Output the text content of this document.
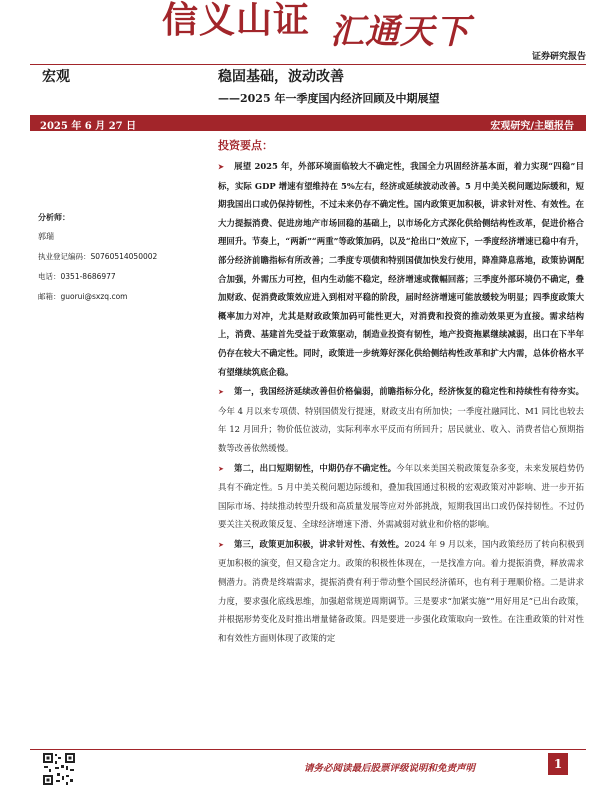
信义山证 汇通天下
证券研究报告
宏观	稳固基础，波动改善
——2025 年一季度国内经济回顾及中期展望
2025 年 6 月 27 日	宏观研究/主题报告
分析师：
郭瑞
执业登记编码：S0760514050002
电话：0351-8686977
邮箱：guorui@sxzq.com
投资要点：

➤ 展望 2025 年，外部环境面临较大不确定性，我国全力巩固经济基本面，着力实现“四稳”目标，实际 GDP 增速有望维持在 5%左右，经济或延续波动改善。5 月中美关税问题边际缓和，短期我国出口或仍保持韧性，不过未来仍存不确定性。国内政策更加积极，讲求针对性、有效性。在大力提振消费、促进房地产市场回稳的基础上，以市场化方式深化供给侧结构性改革，促进价格合理回升。节奏上，“两新”“两重”等政策加码，以及“抢出口”效应下，一季度经济增速已稳中有升，部分经济前瞻指标有所改善；二季度专项债和特别国债加快发行使用，降准降息落地，政策协调配合加强，外需压力可控，但内生动能不稳定，经济增速或微幅回落；三季度外部环境仍不确定，叠加财政、促消费政策效应进入到相对平稳的阶段，届时经济增速可能放缓较为明显；四季度政策大概率加力对冲，尤其是财政政策加码可能性更大，对消费和投资的推动效果更为直接。需求结构上，消费、基建首先受益于政策驱动，制造业投资有韧性，地产投资拖累继续减弱，出口在下半年仍存在较大不确定性。同时，政策进一步统筹好深化供给侧结构性改革和扩大内需，总体价格水平有望继续筑底企稳。

➤ 第一，我国经济延续改善但价格偏弱，前瞻指标分化，经济恢复的稳定性和持续性有待夯实。今年 4 月以来专项债、特别国债发行提速，财政支出有所加快；一季度社融同比、M1 同比也较去年 12 月回升；物价低位波动，实际利率水平反而有所回升；居民就业、收入、消费者信心预期指数等改善依然缓慢。

➤ 第二，出口短期韧性，中期仍存不确定性。今年以来美国关税政策复杂多变，未来发展趋势仍具有不确定性。5 月中美关税问题边际缓和，叠加我国通过积极的宏观政策对冲影响、进一步开拓国际市场、持续推动转型升级和高质量发展等应对外部挑战，短期我国出口或仍保持韧性。不过仍要关注关税政策反复、全球经济增速下滑、外需减弱对就业和价格的影响。

➤ 第三，政策更加积极，讲求针对性、有效性。2024 年 9 月以来，国内政策经历了转向积极到更加积极的演变，但又稳含定力。政策的积极性体现在，一是找准方向。着力提振消费，释放需求侧潜力。消费是终端需求，提振消费有利于带动整个国民经济循环，也有利于理顺价格。二是讲求力度，要求强化底线思维，加强超常规逆周期调节。三是要求“加紧实施”“用好用足”已出台政策，并根据形势变化及时推出增量储备政策。四是要进一步强化政策取向一致性。在注重政策的针对性和有效性方面则体现了政策的定

请务必阅读最后股票评级说明和免责声明	1
